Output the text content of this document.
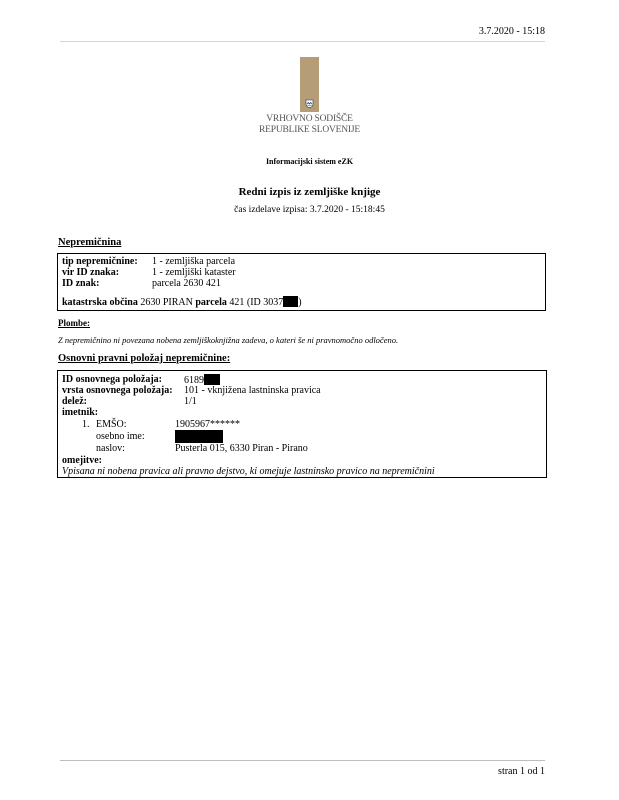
3.7.2020 - 15:18
VRHOVNO SODIŠČE
REPUBLIKE SLOVENIJE
Informacijski sistem eZK
Redni izpis iz zemljiške knjige
čas izdelave izpisa: 3.7.2020 - 15:18:45
Nepremičnina
tip nepremičnine: 1 - zemljiška parcela
vir ID znaka:	1 - zemljiški kataster
ID znak:	parcela 2630 421
katastrska občina 2630 PIRAN parcela 421 (ID 3037 )
Plombe:
Z nepremičnino ni povezana nobena zemljiškoknjižna zadeva, o kateri še ni pravnomočno odločeno.
Osnovni pravni položaj nepremičnine:
ID osnovnega položaja: 6189
vrsta osnovnega položaja: 101 - vknjižena lastninska pravica
delež:	1/1
imetnik:
1. EMŠO:	1905967******
osebno ime:
naslov:	Pusterla 015, 6330 Piran - Pirano
omejitve:
Vpisana ni nobena pravica ali pravno dejstvo, ki omejuje lastninsko pravico na nepremičnini
stran 1 od 1
